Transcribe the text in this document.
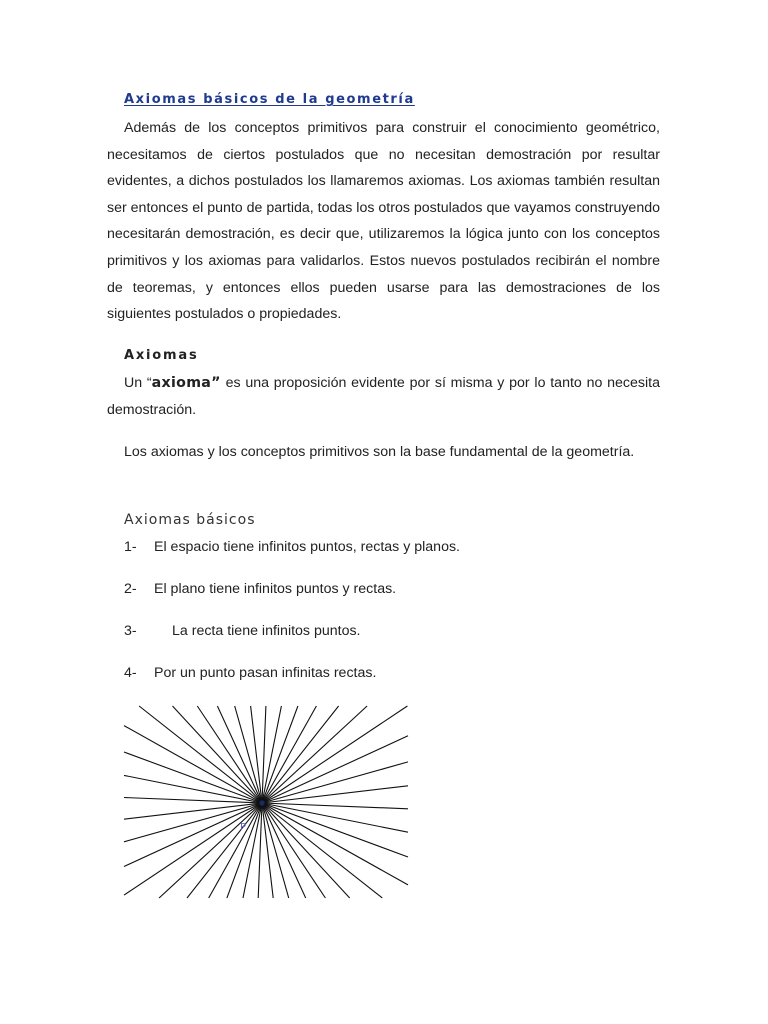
Axiomas básicos de la geometría

Además de los conceptos primitivos para construir el conocimiento geométrico, necesitamos de ciertos postulados que no necesitan demostración por resultar evidentes, a dichos postulados los llamaremos axiomas. Los axiomas también resultan ser entonces el punto de partida, todas los otros postulados que vayamos construyendo necesitarán demostración, es decir que, utilizaremos la lógica junto con los conceptos primitivos y los axiomas para validarlos. Estos nuevos postulados recibirán el nombre de teoremas, y entonces ellos pueden usarse para las demostraciones de los siguientes postulados o propiedades.

Axiomas

Un “axioma” es una proposición evidente por sí misma y por lo tanto no necesita demostración.

Los axiomas y los conceptos primitivos son la base fundamental de la geometría.

Axiomas básicos
1- El espacio tiene infinitos puntos, rectas y planos.
2- El plano tiene infinitos puntos y rectas.
3- La recta tiene infinitos puntos.
4- Por un punto pasan infinitas rectas.
P
